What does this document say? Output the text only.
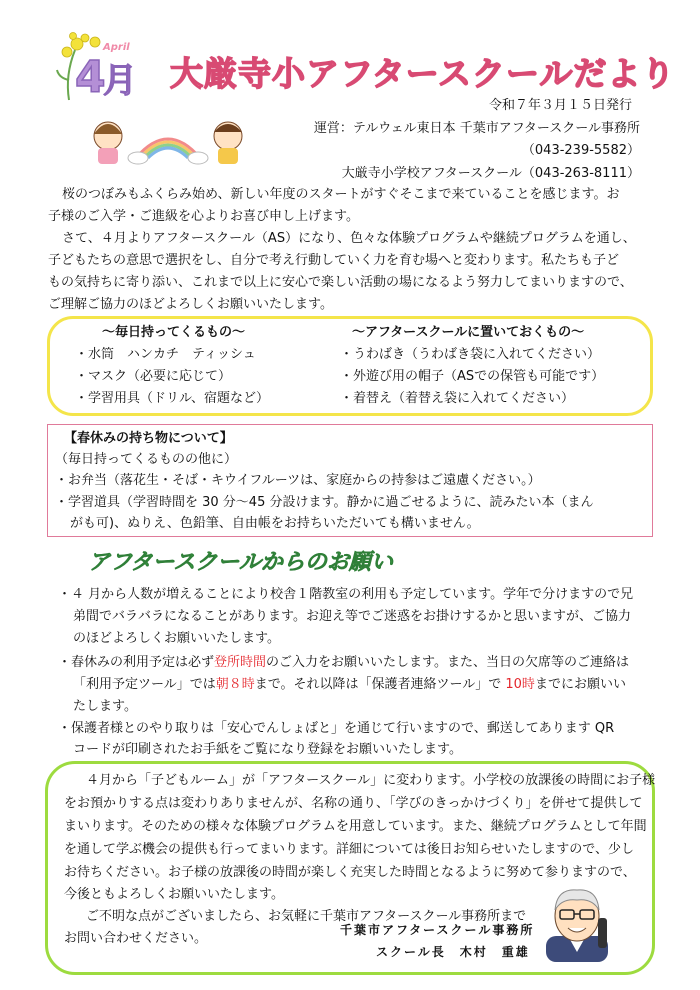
4
月
April
大厳寺小アフタースクールだより
令和７年３月１５日発行
運営：テルウェル東日本 千葉市アフタースクール事務所
（043-239-5582）
大厳寺小学校アフタースクール（043-263-8111）
桜のつぼみもふくらみ始め、新しい年度のスタートがすぐそこまで来ていることを感じます。お
子様のご入学・ご進級を心よりお喜び申し上げます。
さて、４月よりアフタースクール（AS）になり、色々な体験プログラムや継続プログラムを通し、
子どもたちの意思で選択をし、自分で考え行動していく力を育む場へと変わります。私たちも子ど
もの気持ちに寄り添い、これまで以上に安心で楽しい活動の場になるよう努力してまいりますので、
ご理解ご協力のほどよろしくお願いいたします。
～毎日持ってくるもの～
・水筒　ハンカチ　ティッシュ
・マスク（必要に応じて）
・学習用具（ドリル、宿題など）
～アフタースクールに置いておくもの～
・うわばき（うわばき袋に入れてください）
・外遊び用の帽子（ASでの保管も可能です）
・着替え（着替え袋に入れてください）
【春休みの持ち物について】
（毎日持ってくるものの他に）
・お弁当（落花生・そば・キウイフルーツは、家庭からの持参はご遠慮ください。）
・学習道具（学習時間を 30 分～45 分設けます。静かに過ごせるように、読みたい本（まん
がも可)、ぬりえ、色鉛筆、自由帳をお持ちいただいても構いません。
アフタースクールからのお願い
・４ 月から人数が増えることにより校舎１階教室の利用も予定しています。学年で分けますので兄
弟間でバラバラになることがあります。お迎え等でご迷惑をお掛けするかと思いますが、ご協力
のほどよろしくお願いいたします。
・春休みの利用予定は必ず登所時間のご入力をお願いいたします。また、当日の欠席等のご連絡は
「利用予定ツール」では朝８時まで。それ以降は「保護者連絡ツール」で 10時までにお願いい
たします。
・保護者様とのやり取りは「安心でんしょばと」を通じて行いますので、郵送してあります QR
コードが印刷されたお手紙をご覧になり登録をお願いいたします。
４月から「子どもルーム」が「アフタースクール」に変わります。小学校の放課後の時間にお子様
をお預かりする点は変わりありませんが、名称の通り、「学びのきっかけづくり」を併せて提供して
まいります。そのための様々な体験プログラムを用意しています。また、継続プログラムとして年間
を通して学ぶ機会の提供も行ってまいります。詳細については後日お知らせいたしますので、少し
お待ちください。お子様の放課後の時間が楽しく充実した時間となるように努めて参りますので、
今後ともよろしくお願いいたします。
ご不明な点がございましたら、お気軽に千葉市アフタースクール事務所まで
お問い合わせください。
千葉市アフタースクール事務所
スクール長　木村　重雄
